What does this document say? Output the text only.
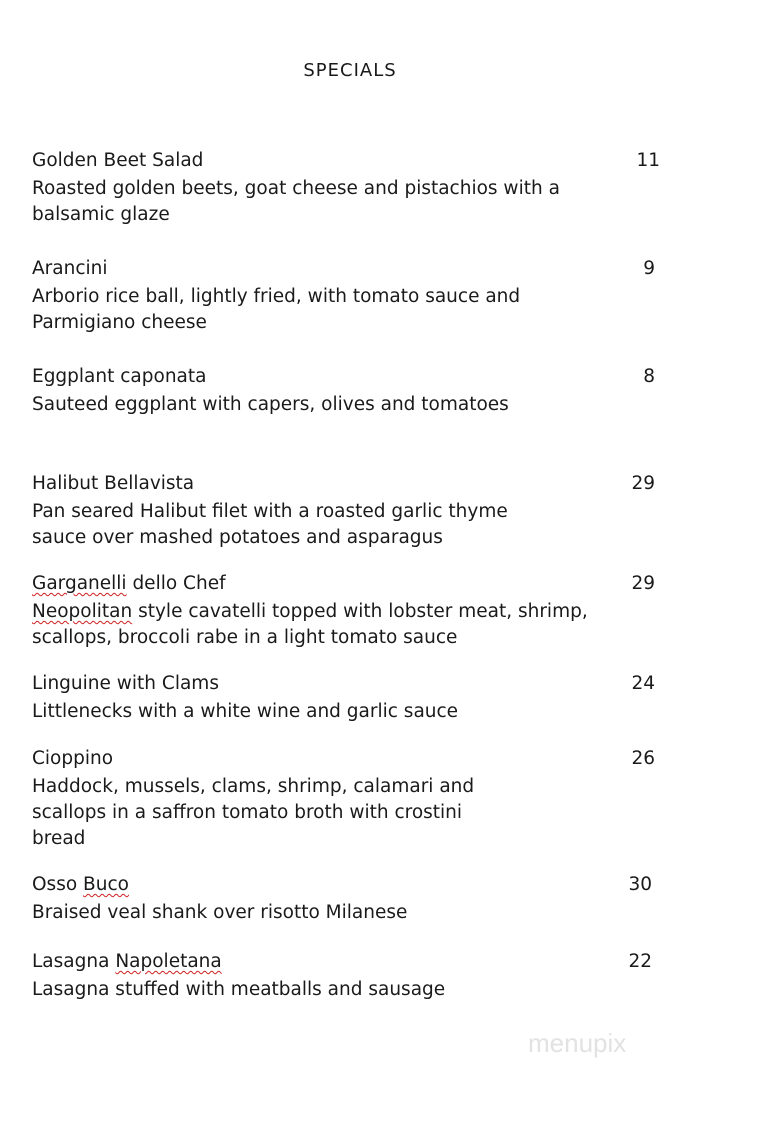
SPECIALS
Golden Beet Salad	11
Roasted golden beets, goat cheese and pistachios with a
balsamic glaze
Arancini	9
Arborio rice ball, lightly fried, with tomato sauce and
Parmigiano cheese
Eggplant caponata	8
Sauteed eggplant with capers, olives and tomatoes
Halibut Bellavista	29
Pan seared Halibut filet with a roasted garlic thyme
sauce over mashed potatoes and asparagus
Garganelli dello Chef	29
Neopolitan style cavatelli topped with lobster meat, shrimp,
scallops, broccoli rabe in a light tomato sauce
Linguine with Clams	24
Littlenecks with a white wine and garlic sauce
Cioppino	26
Haddock, mussels, clams, shrimp, calamari and
scallops in a saffron tomato broth with crostini
bread
Osso Buco	30
Braised veal shank over risotto Milanese
Lasagna Napoletana	22
Lasagna stuffed with meatballs and sausage
menupix
